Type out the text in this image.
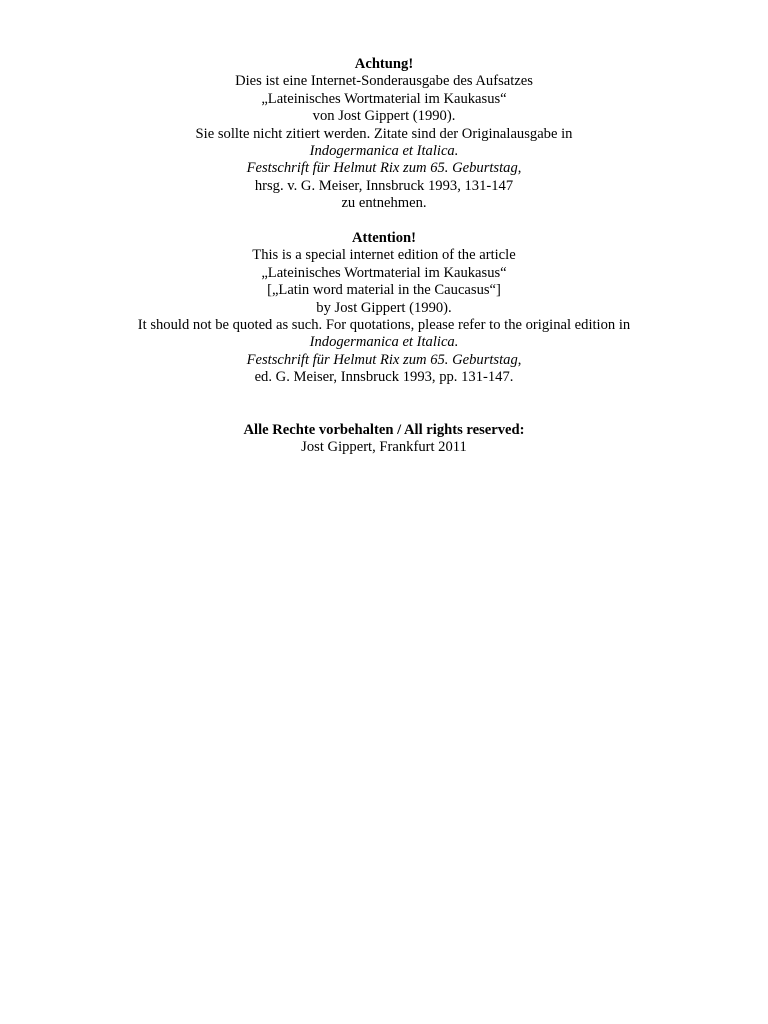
Achtung!
Dies ist eine Internet-Sonderausgabe des Aufsatzes
„Lateinisches Wortmaterial im Kaukasus“
von Jost Gippert (1990).
Sie sollte nicht zitiert werden. Zitate sind der Originalausgabe in
Indogermanica et Italica.
Festschrift für Helmut Rix zum 65. Geburtstag,
hrsg. v. G. Meiser, Innsbruck 1993, 131-147
zu entnehmen.
Attention!
This is a special internet edition of the article
„Lateinisches Wortmaterial im Kaukasus“
[„Latin word material in the Caucasus“]
by Jost Gippert (1990).
It should not be quoted as such. For quotations, please refer to the original edition in
Indogermanica et Italica.
Festschrift für Helmut Rix zum 65. Geburtstag,
ed. G. Meiser, Innsbruck 1993, pp. 131-147.
Alle Rechte vorbehalten / All rights reserved:
Jost Gippert, Frankfurt 2011
